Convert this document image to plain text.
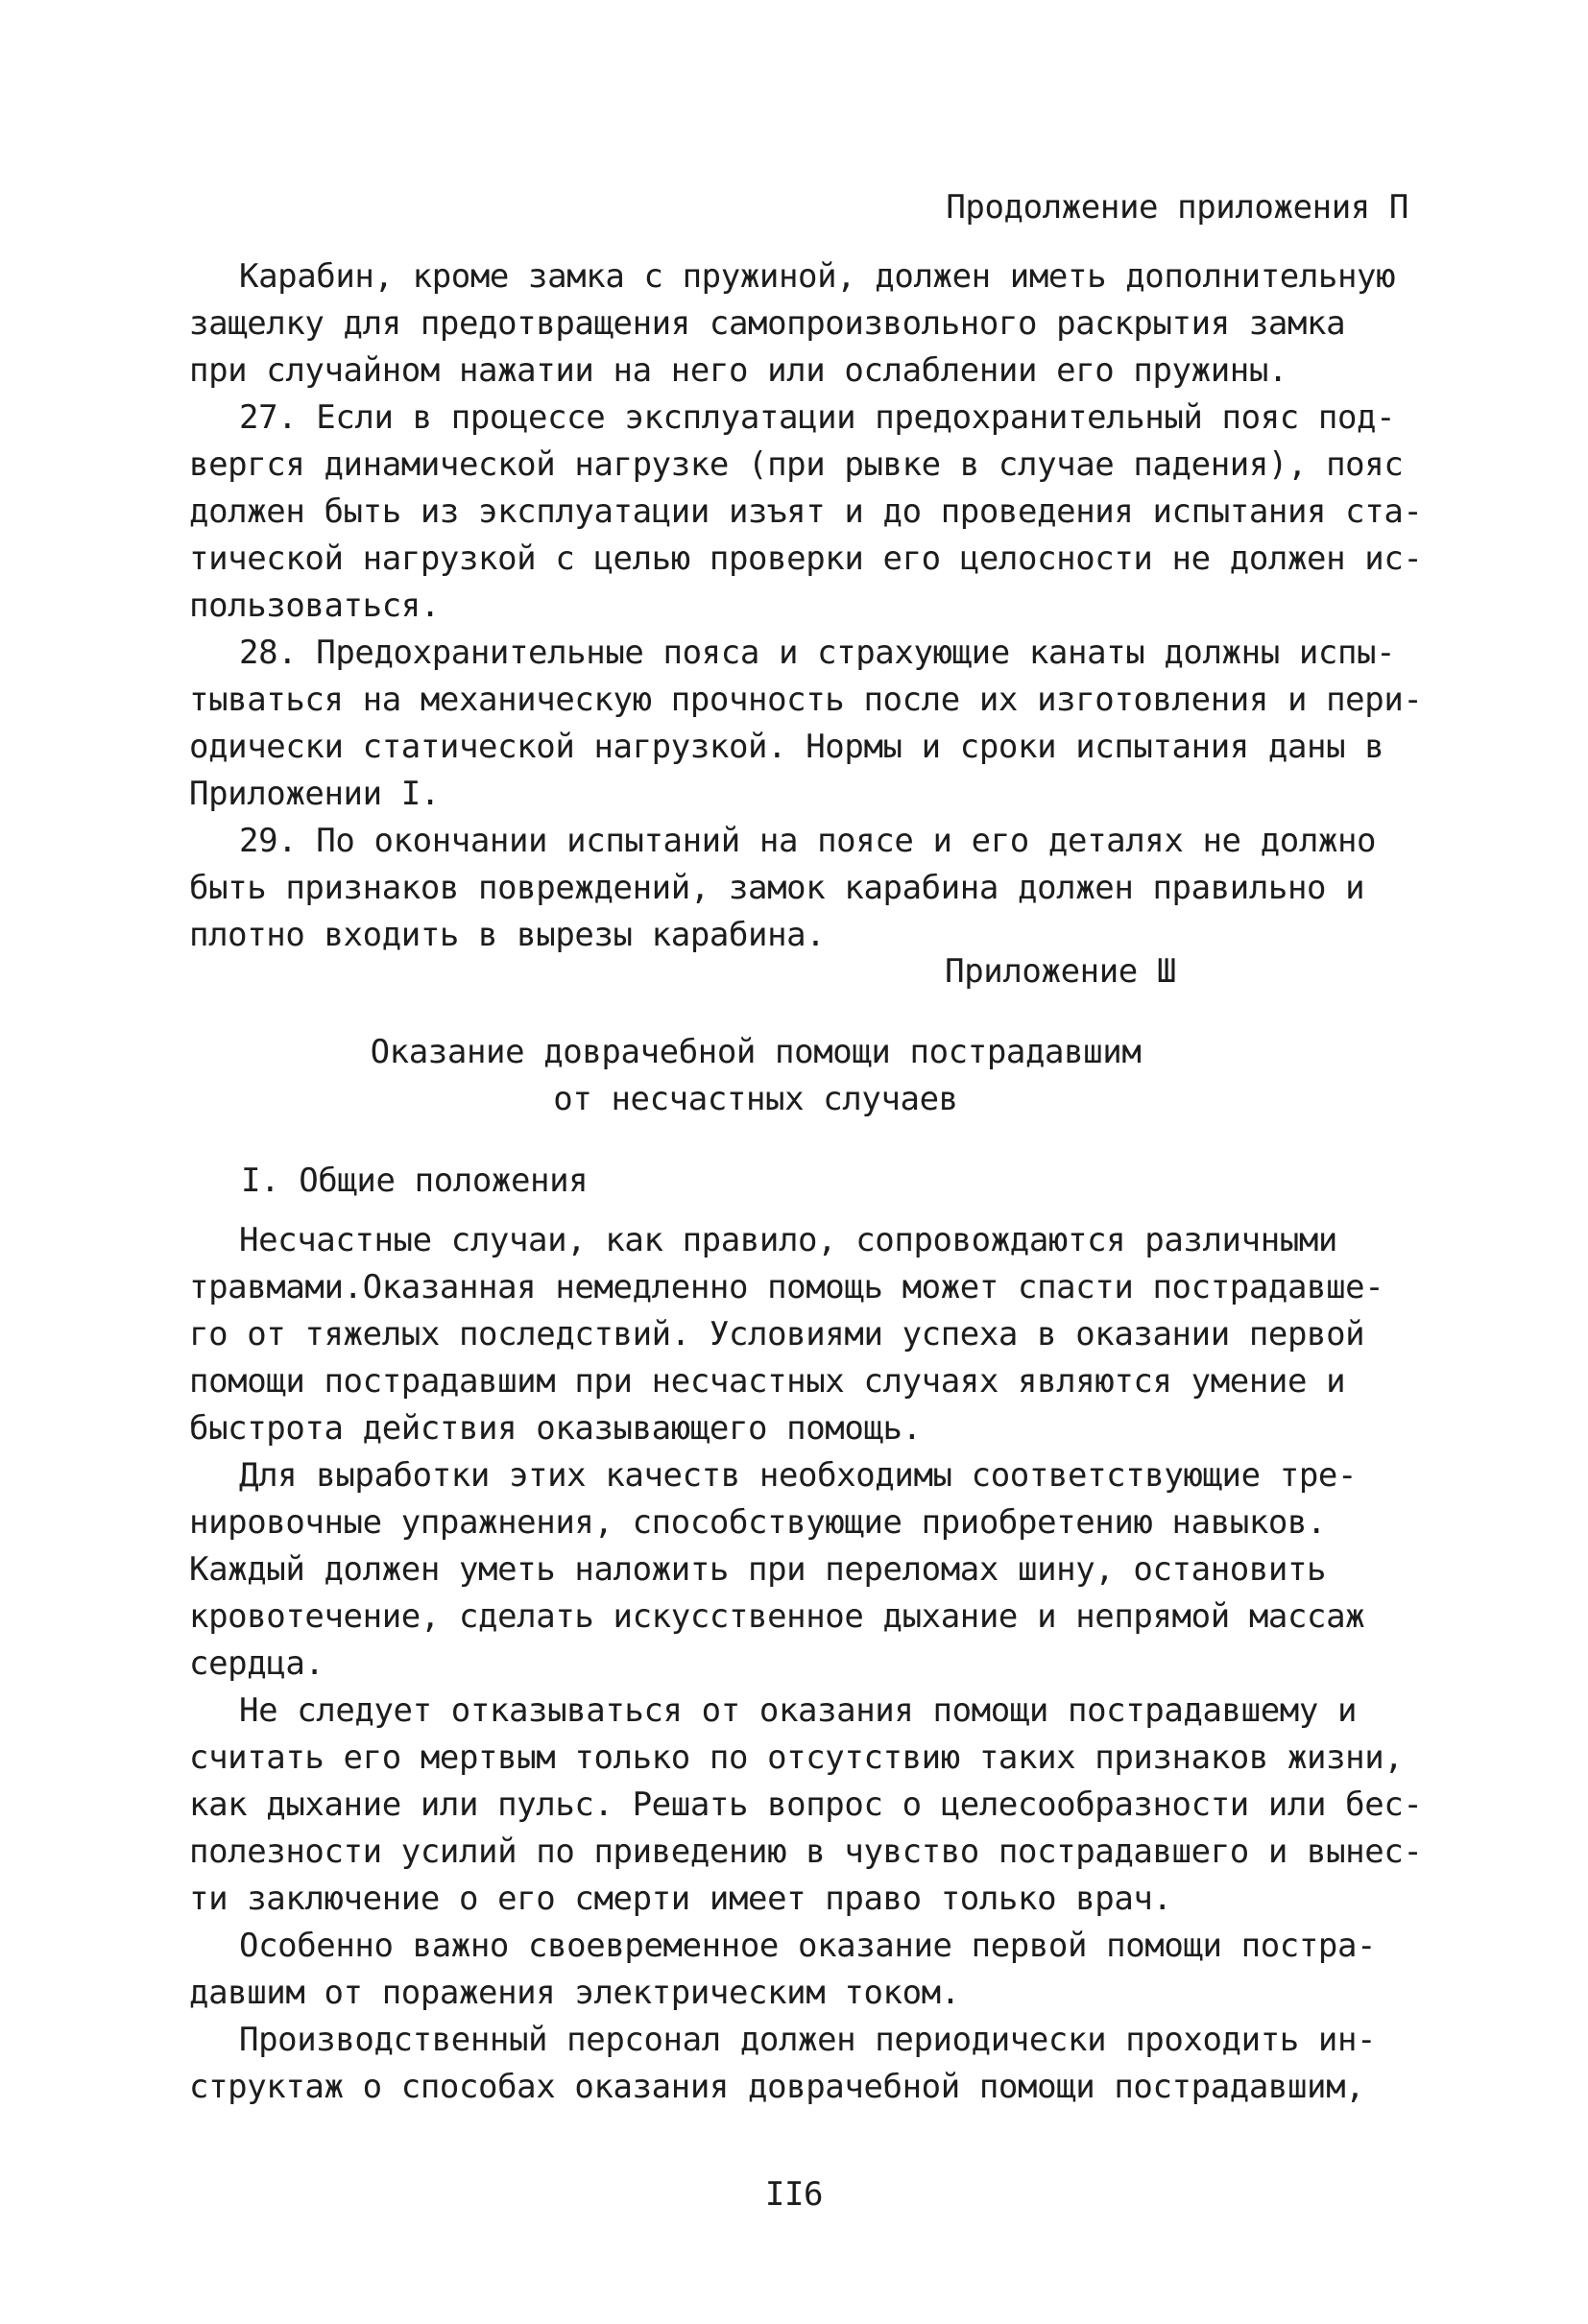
Продолжение приложения П
Карабин, кроме замка с пружиной, должен иметь дополнительную
защелку для предотвращения самопроизвольного раскрытия замка
при случайном нажатии на него или ослаблении его пружины.
27. Если в процессе эксплуатации предохранительный пояс под-
вергся динамической нагрузке (при рывке в случае падения), пояс
должен быть из эксплуатации изъят и до проведения испытания ста-
тической нагрузкой с целью проверки его целосности не должен ис-
пользоваться.
28. Предохранительные пояса и страхующие канаты должны испы-
тываться на механическую прочность после их изготовления и пери-
одически статической нагрузкой. Нормы и сроки испытания даны в
Приложении I.
29. По окончании испытаний на поясе и его деталях не должно
быть признаков повреждений, замок карабина должен правильно и
плотно входить в вырезы карабина.
Приложение Ш
Оказание доврачебной помощи пострадавшим
от несчастных случаев
I. Общие положения
Несчастные случаи, как правило, сопровождаются различными
травмами.Оказанная немедленно помощь может спасти пострадавше-
го от тяжелых последствий. Условиями успеха в оказании первой
помощи пострадавшим при несчастных случаях являются умение и
быстрота действия оказывающего помощь.
Для выработки этих качеств необходимы соответствующие тре-
нировочные упражнения, способствующие приобретению навыков.
Каждый должен уметь наложить при переломах шину, остановить
кровотечение, сделать искусственное дыхание и непрямой массаж
сердца.
Не следует отказываться от оказания помощи пострадавшему и
считать его мертвым только по отсутствию таких признаков жизни,
как дыхание или пульс. Решать вопрос о целесообразности или бес-
полезности усилий по приведению в чувство пострадавшего и вынес-
ти заключение о его смерти имеет право только врач.
Особенно важно своевременное оказание первой помощи постра-
давшим от поражения электрическим током.
Производственный персонал должен периодически проходить ин-
структаж о способах оказания доврачебной помощи пострадавшим,
II6
